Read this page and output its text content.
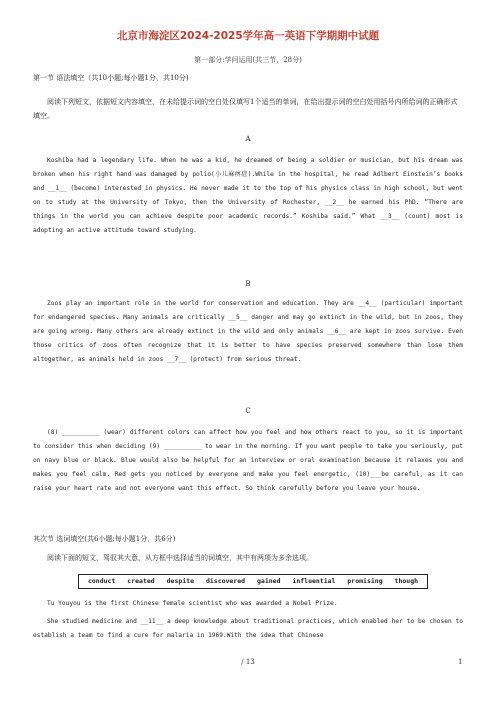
北京市海淀区2024-2025学年高一英语下学期期中试题
第一部分:学问运用(共三节，28分)
第一节 语法填空（共10小题;每小题1分，共10分)
阅读下列短文，依据短文内容填空，在未给提示词的空白处仅填写1个适当的单词，在给出提示词的空白处用括号内所给词的正确形式填空。
A
Koshiba had a legendary life. When he was a kid, he dreamed of being a soldier or musician, but his dream was broken when his right hand was damaged by polio(小儿麻痹症).While in the hospital, he read Adlbert Einstein’s books and __1__ (become) interested in physics. He never made it to the top of his physics class in high school, but went on to study at the University of Tokyo, then the University of Rochester, __2__ he earned his PhD. “There are things in the world you can achieve despite poor academic records.” Koshiba said.” What __3__ (count) most is adopting an active attitude toward studying.
B
Zoos play an important role in the world for conservation and education. They are __4__ (particular) important for endangered species. Many animals are critically __5__ danger and may go extinct in the wild, but in zoos, they are going wrong. Many others are already extinct in the wild and only animals __6__ are kept in zoos survive. Even those critics of zoos often recognize that it is better to have species preserved somewhere than lose them altogether, as animals held in zoos __7__ (protect) from serious threat.
C
(8) __________ (wear) different colors can affect how you feel and how others react to you, so it is important to consider this when deciding (9) __________ to wear in the morning. If you want people to take you seriously, put on navy blue or black. Blue would also be helpful for an interview or oral examination because it relaxes you and makes you feel calm. Red gets you noticed by everyone and make you feel energetic, (10)___be careful, as it can raise your heart rate and not everyone want this effect. So think carefully before you leave your house.
其次节 选词填空(共6小题;每小题1分，共6分)
阅读下面的短文，驾驭其大意，从方框中选择适当的词填空，其中有两项为多余选项。
conduct created despite discovered gained influential promising though
Tu Youyou is the first Chinese female scientist who was awarded a Nobel Prize.
She studied medicine and __11__ a deep knowledge about traditional practices, which enabled her to be chosen to establish a team to find a cure for malaria in 1969.With the idea that Chinese
/ 13	1
